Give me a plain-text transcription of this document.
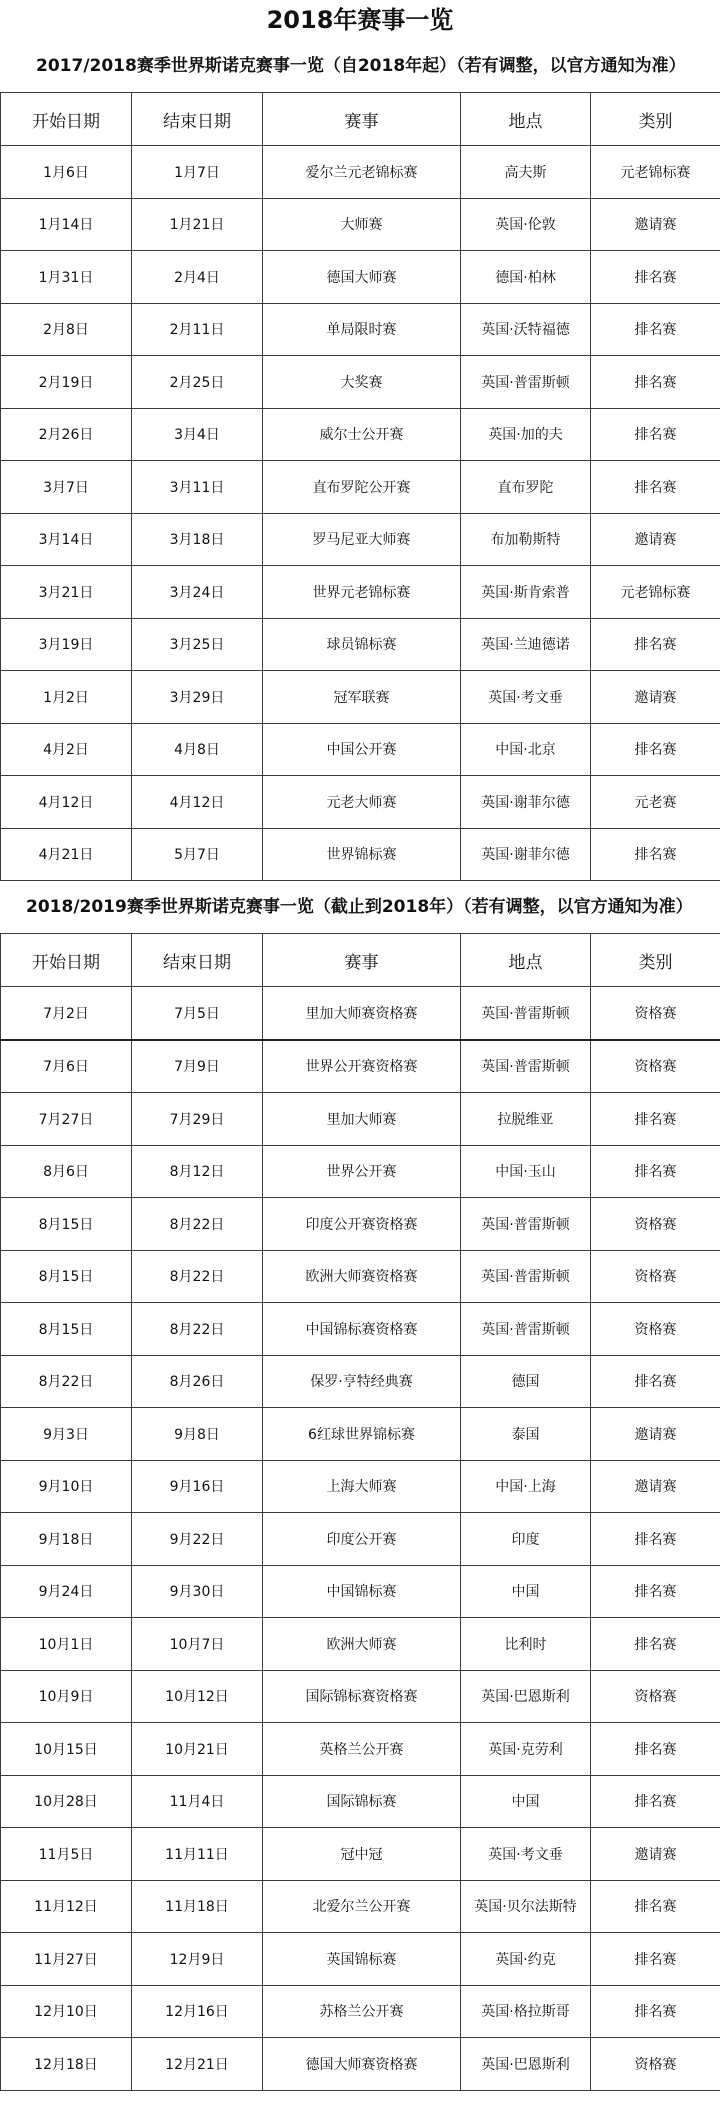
2018年赛事一览
2017/2018赛季世界斯诺克赛事一览（自2018年起）（若有调整，以官方通知为准）
开始日期	结束日期	赛事	地点	类别
1月6日	1月7日	爱尔兰元老锦标赛	高夫斯	元老锦标赛
1月14日	1月21日	大师赛	英国·伦敦	邀请赛
1月31日	2月4日	德国大师赛	德国·柏林	排名赛
2月8日	2月11日	单局限时赛	英国·沃特福德	排名赛
2月19日	2月25日	大奖赛	英国·普雷斯顿	排名赛
2月26日	3月4日	威尔士公开赛	英国·加的夫	排名赛
3月7日	3月11日	直布罗陀公开赛	直布罗陀	排名赛
3月14日	3月18日	罗马尼亚大师赛	布加勒斯特	邀请赛
3月21日	3月24日	世界元老锦标赛	英国·斯肯索普	元老锦标赛
3月19日	3月25日	球员锦标赛	英国·兰迪德诺	排名赛
1月2日	3月29日	冠军联赛	英国·考文垂	邀请赛
4月2日	4月8日	中国公开赛	中国·北京	排名赛
4月12日	4月12日	元老大师赛	英国·谢菲尔德	元老赛
4月21日	5月7日	世界锦标赛	英国·谢菲尔德	排名赛
2018/2019赛季世界斯诺克赛事一览（截止到2018年）（若有调整，以官方通知为准）
开始日期	结束日期	赛事	地点	类别
7月2日	7月5日	里加大师赛资格赛	英国·普雷斯顿	资格赛
7月6日	7月9日	世界公开赛资格赛	英国·普雷斯顿	资格赛
7月27日	7月29日	里加大师赛	拉脱维亚	排名赛
8月6日	8月12日	世界公开赛	中国·玉山	排名赛
8月15日	8月22日	印度公开赛资格赛	英国·普雷斯顿	资格赛
8月15日	8月22日	欧洲大师赛资格赛	英国·普雷斯顿	资格赛
8月15日	8月22日	中国锦标赛资格赛	英国·普雷斯顿	资格赛
8月22日	8月26日	保罗·亨特经典赛	德国	排名赛
9月3日	9月8日	6红球世界锦标赛	泰国	邀请赛
9月10日	9月16日	上海大师赛	中国·上海	邀请赛
9月18日	9月22日	印度公开赛	印度	排名赛
9月24日	9月30日	中国锦标赛	中国	排名赛
10月1日	10月7日	欧洲大师赛	比利时	排名赛
10月9日	10月12日	国际锦标赛资格赛	英国·巴恩斯利	资格赛
10月15日	10月21日	英格兰公开赛	英国·克劳利	排名赛
10月28日	11月4日	国际锦标赛	中国	排名赛
11月5日	11月11日	冠中冠	英国·考文垂	邀请赛
11月12日	11月18日	北爱尔兰公开赛	英国·贝尔法斯特	排名赛
11月27日	12月9日	英国锦标赛	英国·约克	排名赛
12月10日	12月16日	苏格兰公开赛	英国·格拉斯哥	排名赛
12月18日	12月21日	德国大师赛资格赛	英国·巴恩斯利	资格赛
